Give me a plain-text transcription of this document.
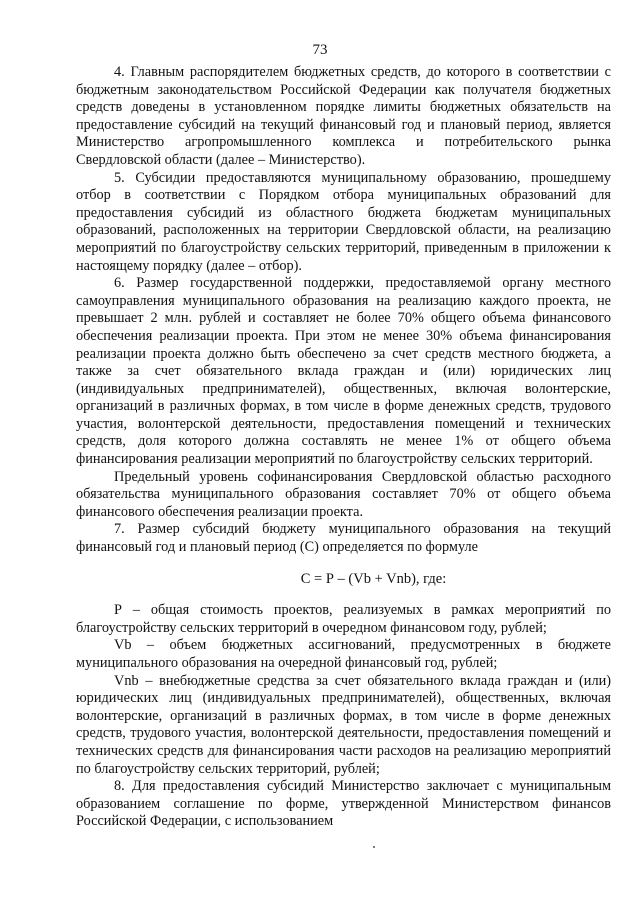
73

4. Главным распорядителем бюджетных средств, до которого в соответствии с бюджетным законодательством Российской Федерации как получателя бюджетных средств доведены в установленном порядке лимиты бюджетных обязательств на предоставление субсидий на текущий финансовый год и плановый период, является Министерство агропромышленного комплекса и потребительского рынка Свердловской области (далее – Министерство).

5. Субсидии предоставляются муниципальному образованию, прошедшему отбор в соответствии с Порядком отбора муниципальных образований для предоставления субсидий из областного бюджета бюджетам муниципальных образований, расположенных на территории Свердловской области, на реализацию мероприятий по благоустройству сельских территорий, приведенным в приложении к настоящему порядку (далее – отбор).

6. Размер государственной поддержки, предоставляемой органу местного самоуправления муниципального образования на реализацию каждого проекта, не превышает 2 млн. рублей и составляет не более 70% общего объема финансового обеспечения реализации проекта. При этом не менее 30% объема финансирования реализации проекта должно быть обеспечено за счет средств местного бюджета, а также за счет обязательного вклада граждан и (или) юридических лиц (индивидуальных предпринимателей), общественных, включая волонтерские, организаций в различных формах, в том числе в форме денежных средств, трудового участия, волонтерской деятельности, предоставления помещений и технических средств, доля которого должна составлять не менее 1% от общего объема финансирования реализации мероприятий по благоустройству сельских территорий.

Предельный уровень софинансирования Свердловской областью расходного обязательства муниципального образования составляет 70% от общего объема финансового обеспечения реализации проекта.

7. Размер субсидий бюджету муниципального образования на текущий финансовый год и плановый период (С) определяется по формуле

С = Р – (Vb + Vnb), где:

Р – общая стоимость проектов, реализуемых в рамках мероприятий по благоустройству сельских территорий в очередном финансовом году, рублей;

Vb – объем бюджетных ассигнований, предусмотренных в бюджете муниципального образования на очередной финансовый год, рублей;

Vnb – внебюджетные средства за счет обязательного вклада граждан и (или) юридических лиц (индивидуальных предпринимателей), общественных, включая волонтерские, организаций в различных формах, в том числе в форме денежных средств, трудового участия, волонтерской деятельности, предоставления помещений и технических средств для финансирования части расходов на реализацию мероприятий по благоустройству сельских территорий, рублей;

8. Для предоставления субсидий Министерство заключает с муниципальным образованием соглашение по форме, утвержденной Министерством финансов Российской Федерации, с использованием
